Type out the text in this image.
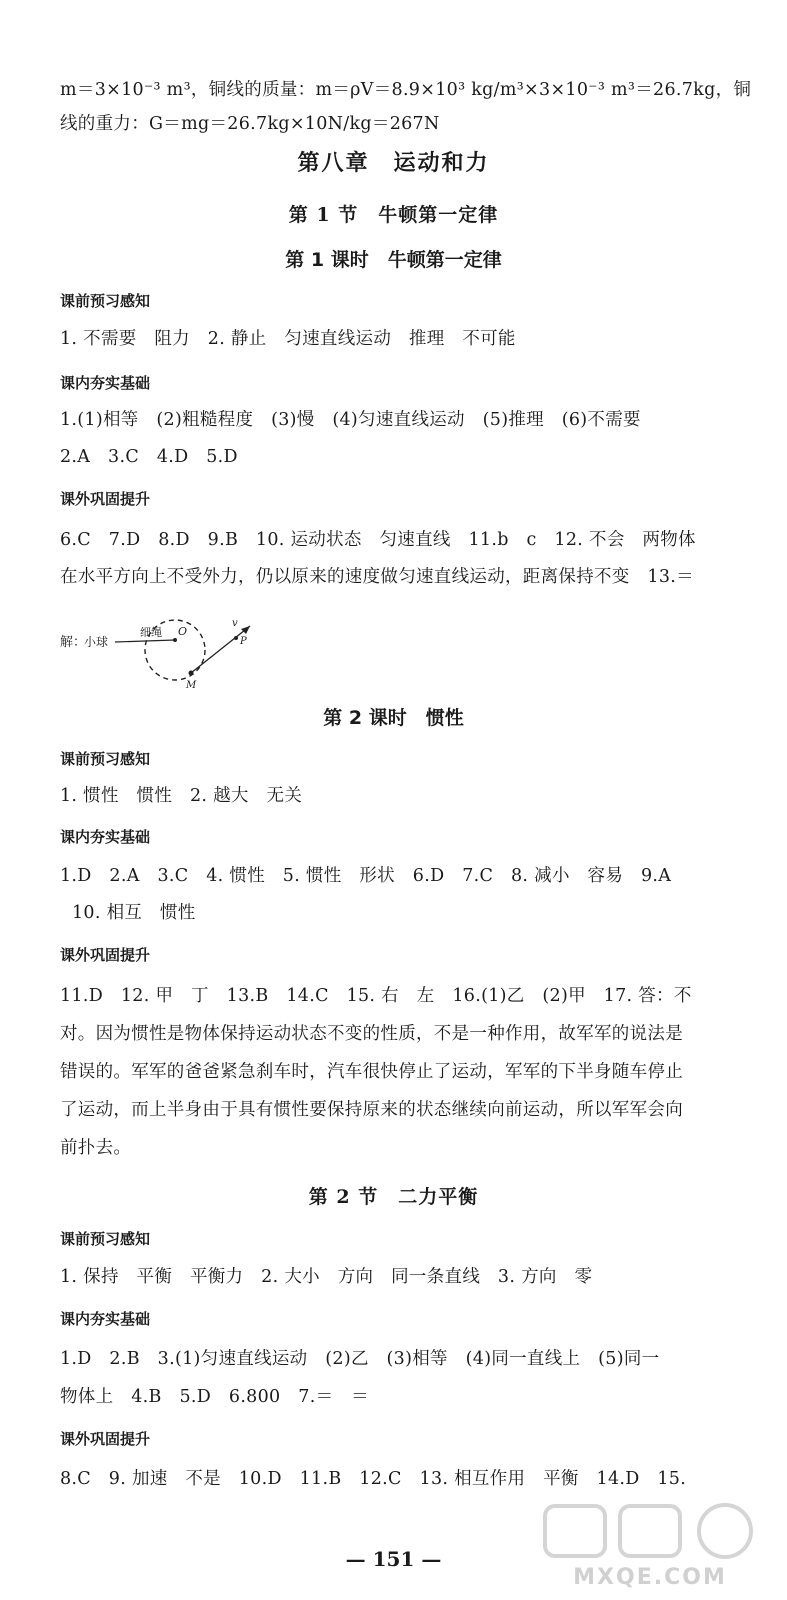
m＝3×10⁻³ m³，铜线的质量：m＝ρV＝8.9×10³ kg/m³×3×10⁻³ m³＝26.7kg，铜
线的重力：G＝mg＝26.7kg×10N/kg＝267N
第八章　运动和力
第 1 节　牛顿第一定律
第 1 课时　牛顿第一定律
课前预习感知
1. 不需要　阻力　2. 静止　匀速直线运动　推理　不可能
课内夯实基础
1.(1)相等　(2)粗糙程度　(3)慢　(4)匀速直线运动　(5)推理　(6)不需要
2.A　3.C　4.D　5.D
课外巩固提升
6.C　7.D　8.D　9.B　10. 运动状态　匀速直线　11.b　c　12. 不会　两物体
在水平方向上不受外力，仍以原来的速度做匀速直线运动，距离保持不变　13.＝
解：
小球
细绳 O
M
v
P
第 2 课时　惯性
课前预习感知
1. 惯性　惯性　2. 越大　无关
课内夯实基础
1.D　2.A　3.C　4. 惯性　5. 惯性　形状　6.D　7.C　8. 减小　容易　9.A
10. 相互　惯性
课外巩固提升
11.D　12. 甲　丁　13.B　14.C　15. 右　左　16.(1)乙　(2)甲　17. 答：不
对。因为惯性是物体保持运动状态不变的性质，不是一种作用，故军军的说法是
错误的。军军的爸爸紧急刹车时，汽车很快停止了运动，军军的下半身随车停止
了运动，而上半身由于具有惯性要保持原来的状态继续向前运动，所以军军会向
前扑去。
第 2 节　二力平衡
课前预习感知
1. 保持　平衡　平衡力　2. 大小　方向　同一条直线　3. 方向　零
课内夯实基础
1.D　2.B　3.(1)匀速直线运动　(2)乙　(3)相等　(4)同一直线上　(5)同一
物体上　4.B　5.D　6.800　7.＝　＝
课外巩固提升
8.C　9. 加速　不是　10.D　11.B　12.C　13. 相互作用　平衡　14.D　15.
— 151 —
MXQE.COM
